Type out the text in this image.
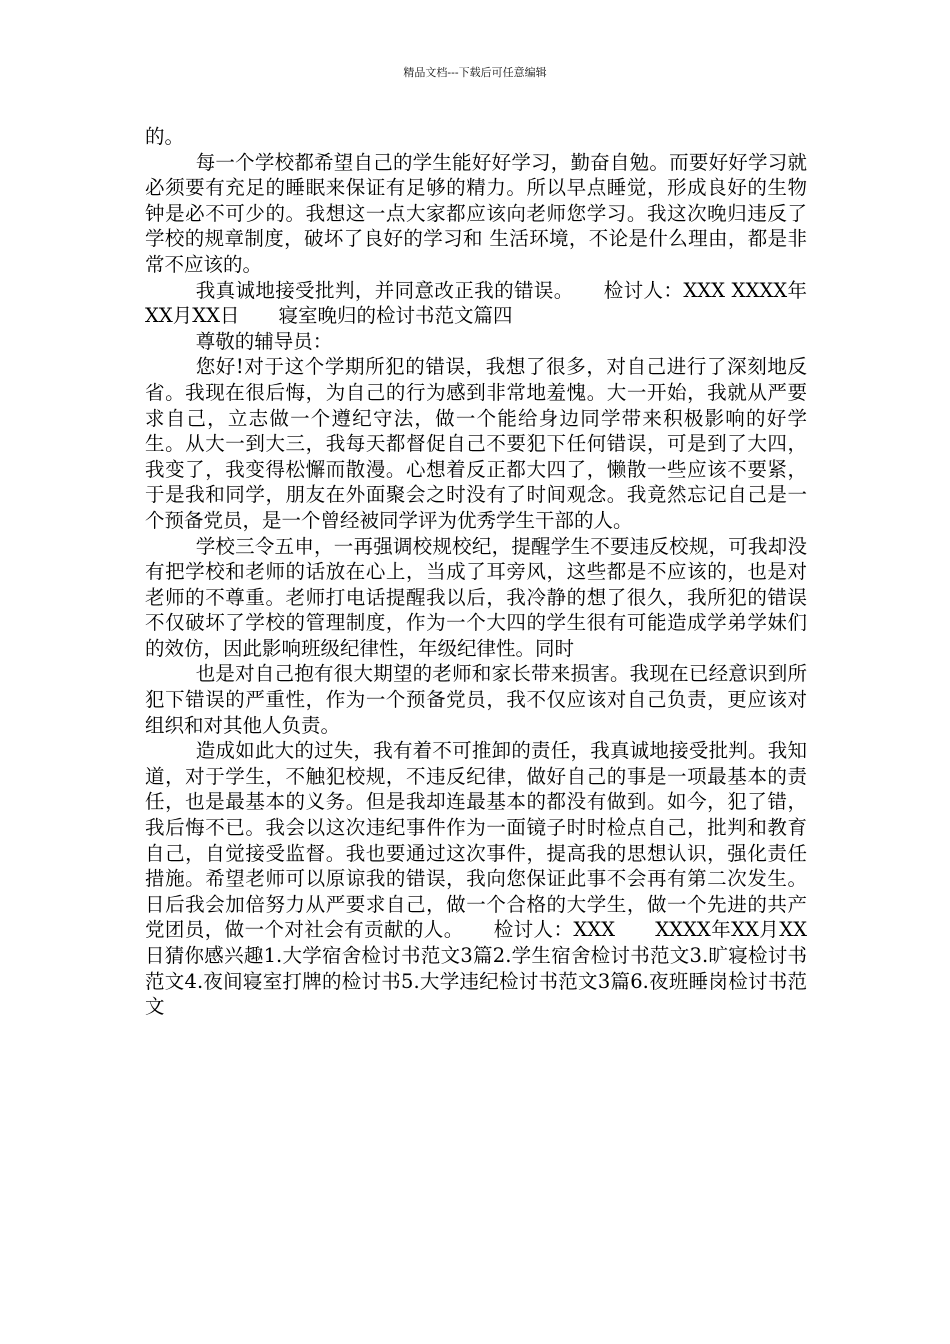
精品文档---下载后可任意编辑

的。

每一个学校都希望自己的学生能好好学习，勤奋自勉。而要好好学习就必须要有充足的睡眠来保证有足够的精力。所以早点睡觉，形成良好的生物钟是必不可少的。我想这一点大家都应该向老师您学习。我这次晚归违反了学校的规章制度，破坏了良好的学习和 生活环境，不论是什么理由，都是非常不应该的。

我真诚地接受批判，并同意改正我的错误。　　检讨人：XXX XXXX年XX月XX日　　寝室晚归的检讨书范文篇四

尊敬的辅导员：

您好!对于这个学期所犯的错误，我想了很多，对自己进行了深刻地反省。我现在很后悔，为自己的行为感到非常地羞愧。大一开始，我就从严要求自己，立志做一个遵纪守法，做一个能给身边同学带来积极影响的好学生。从大一到大三，我每天都督促自己不要犯下任何错误，可是到了大四，我变了，我变得松懈而散漫。心想着反正都大四了，懒散一些应该不要紧，于是我和同学，朋友在外面聚会之时没有了时间观念。我竟然忘记自己是一个预备党员，是一个曾经被同学评为优秀学生干部的人。

学校三令五申，一再强调校规校纪，提醒学生不要违反校规，可我却没有把学校和老师的话放在心上，当成了耳旁风，这些都是不应该的，也是对老师的不尊重。老师打电话提醒我以后，我冷静的想了很久，我所犯的错误不仅破坏了学校的管理制度，作为一个大四的学生很有可能造成学弟学妹们的效仿，因此影响班级纪律性，年级纪律性。同时

也是对自己抱有很大期望的老师和家长带来损害。我现在已经意识到所犯下错误的严重性，作为一个预备党员，我不仅应该对自己负责，更应该对组织和对其他人负责。

造成如此大的过失，我有着不可推卸的责任，我真诚地接受批判。我知道，对于学生，不触犯校规，不违反纪律，做好自己的事是一项最基本的责任，也是最基本的义务。但是我却连最基本的都没有做到。如今，犯了错，我后悔不已。我会以这次违纪事件作为一面镜子时时检点自己，批判和教育自己，自觉接受监督。我也要通过这次事件，提高我的思想认识，强化责任措施。希望老师可以原谅我的错误，我向您保证此事不会再有第二次发生。日后我会加倍努力从严要求自己，做一个合格的大学生，做一个先进的共产党团员，做一个对社会有贡献的人。　　检讨人：XXX　　XXXX年XX月XX日猜你感兴趣1.大学宿舍检讨书范文3篇2.学生宿舍检讨书范文3.旷寝检讨书范文4.夜间寝室打牌的检讨书5.大学违纪检讨书范文3篇6.夜班睡岗检讨书范文
